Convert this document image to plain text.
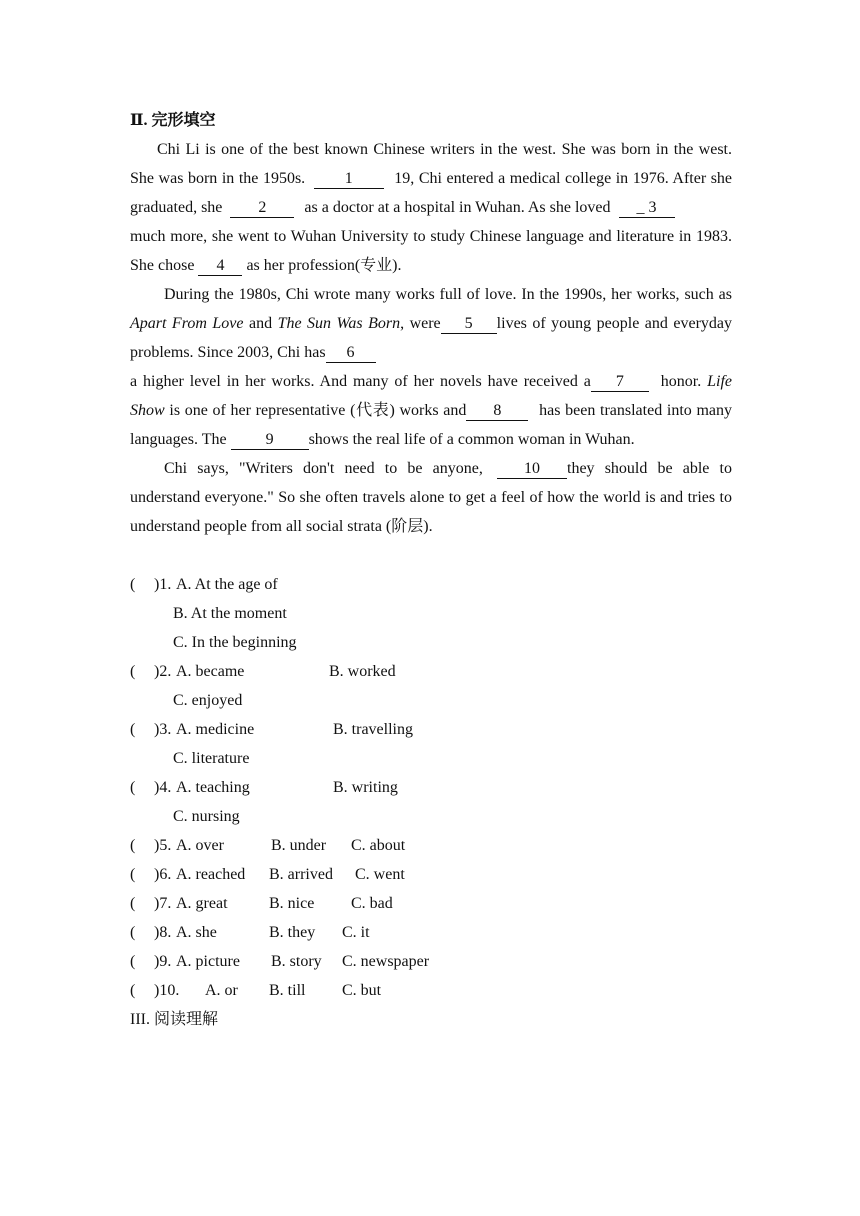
Ⅱ. 完形填空
Chi Li is one of the best known Chinese writers in the west. She was born in the west. She was born in the 1950s. 1	19, Chi entered a medical college in 1976. After she graduated, she 2 as a doctor at a hospital in Wuhan. As she loved _ 3
much more, she went to Wuhan University to study Chinese language and literature in 1983. She chose 4 as her profession(专业).
During the 1980s, Chi wrote many works full of love. In the 1990s, her works, such as Apart From Love and The Sun Was Born, were 5 lives of young people and everyday problems. Since 2003, Chi has 6
a higher level in her works. And many of her novels have received a 7 honor. Life Show is one of her representative (代表) works and 8 has been translated into many languages. The 9 shows the real life of a common woman in Wuhan.
Chi says, "Writers don't need to be anyone,	10 they should be able to understand everyone." So she often travels alone to get a feel of how the world is and tries to understand people from all social strata (阶层).
( )1. A. At the age of
B. At the moment
C. In the beginning
( )2. A. became	B. worked
C. enjoyed
( )3. A. medicine	B. travelling
C. literature
( )4. A. teaching	B. writing
C. nursing
( )5. A. over	B. under C. about
( )6. A. reached B. arrived C. went
( )7. A. great	B. nice C. bad
( )8. A. she	B. they C. it
( )9. A. picture B. story C. newspaper
( )10. A. or B. till C. but
III. 阅读理解
